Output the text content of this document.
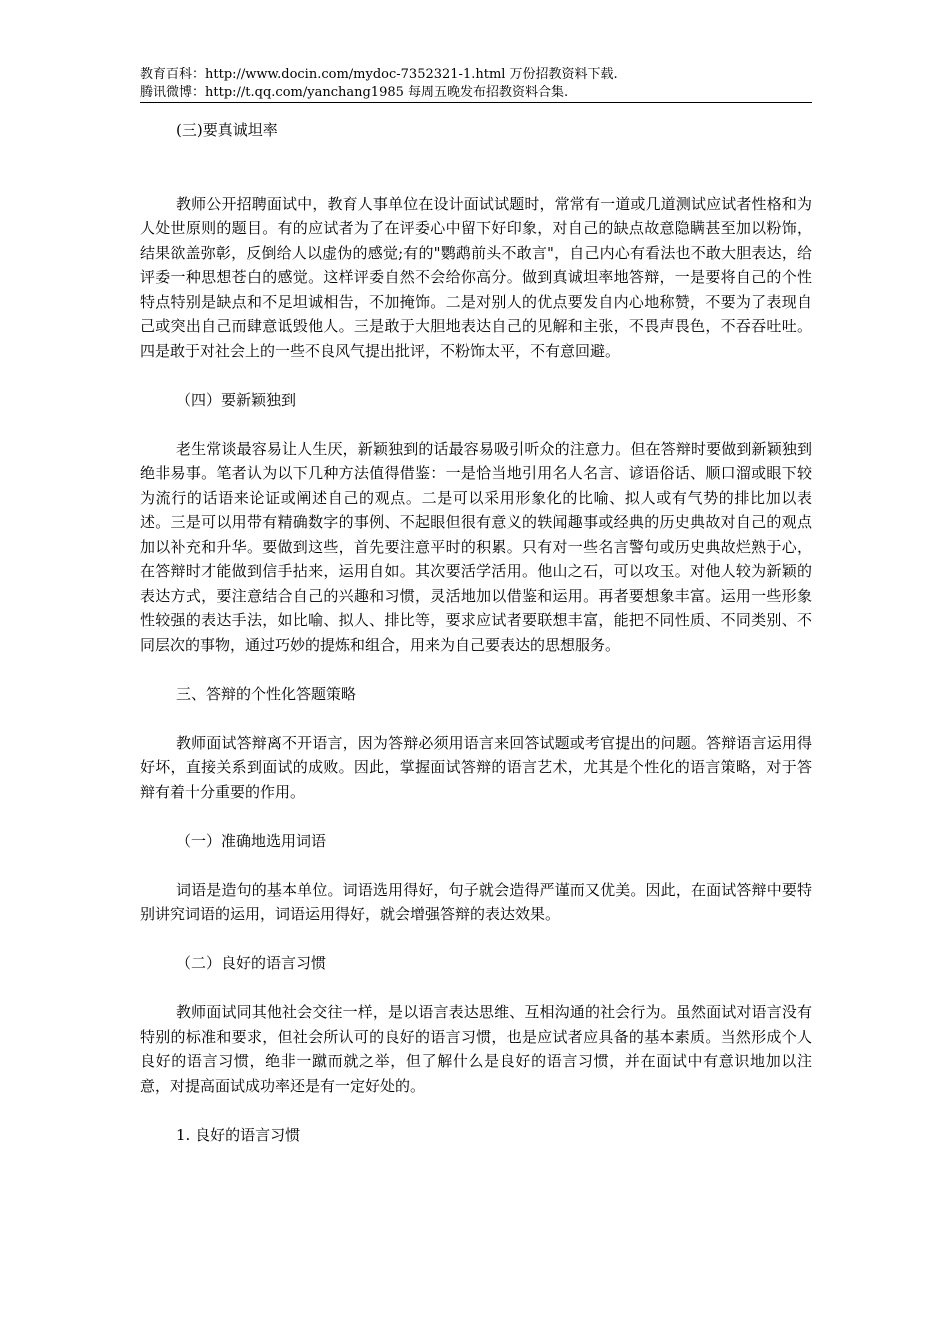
教育百科：http://www.docin.com/mydoc-7352321-1.html 万份招教资料下载.
腾讯微博：http://t.qq.com/yanchang1985 每周五晚发布招教资料合集.

(三)要真诚坦率

教师公开招聘面试中，教育人事单位在设计面试试题时，常常有一道或几道测试应试者性格和为人处世原则的题目。有的应试者为了在评委心中留下好印象，对自己的缺点故意隐瞒甚至加以粉饰，结果欲盖弥彰，反倒给人以虚伪的感觉;有的"鹦鹉前头不敢言"，自己内心有看法也不敢大胆表达，给评委一种思想苍白的感觉。这样评委自然不会给你高分。做到真诚坦率地答辩，一是要将自己的个性特点特别是缺点和不足坦诚相告，不加掩饰。二是对别人的优点要发自内心地称赞，不要为了表现自己或突出自己而肆意诋毁他人。三是敢于大胆地表达自己的见解和主张，不畏声畏色，不吞吞吐吐。四是敢于对社会上的一些不良风气提出批评，不粉饰太平，不有意回避。

（四）要新颖独到

老生常谈最容易让人生厌，新颖独到的话最容易吸引听众的注意力。但在答辩时要做到新颖独到绝非易事。笔者认为以下几种方法值得借鉴：一是恰当地引用名人名言、谚语俗话、顺口溜或眼下较为流行的话语来论证或阐述自己的观点。二是可以采用形象化的比喻、拟人或有气势的排比加以表述。三是可以用带有精确数字的事例、不起眼但很有意义的轶闻趣事或经典的历史典故对自己的观点加以补充和升华。要做到这些，首先要注意平时的积累。只有对一些名言警句或历史典故烂熟于心，在答辩时才能做到信手拈来，运用自如。其次要活学活用。他山之石，可以攻玉。对他人较为新颖的表达方式，要注意结合自己的兴趣和习惯，灵活地加以借鉴和运用。再者要想象丰富。运用一些形象性较强的表达手法，如比喻、拟人、排比等，要求应试者要联想丰富，能把不同性质、不同类别、不同层次的事物，通过巧妙的提炼和组合，用来为自己要表达的思想服务。

三、答辩的个性化答题策略

教师面试答辩离不开语言，因为答辩必须用语言来回答试题或考官提出的问题。答辩语言运用得好坏，直接关系到面试的成败。因此，掌握面试答辩的语言艺术，尤其是个性化的语言策略，对于答辩有着十分重要的作用。

（一）准确地选用词语

词语是造句的基本单位。词语选用得好，句子就会造得严谨而又优美。因此，在面试答辩中要特别讲究词语的运用，词语运用得好，就会增强答辩的表达效果。

（二）良好的语言习惯

教师面试同其他社会交往一样，是以语言表达思维、互相沟通的社会行为。虽然面试对语言没有特别的标准和要求，但社会所认可的良好的语言习惯，也是应试者应具备的基本素质。当然形成个人良好的语言习惯，绝非一蹴而就之举，但了解什么是良好的语言习惯，并在面试中有意识地加以注意，对提高面试成功率还是有一定好处的。

1. 良好的语言习惯
